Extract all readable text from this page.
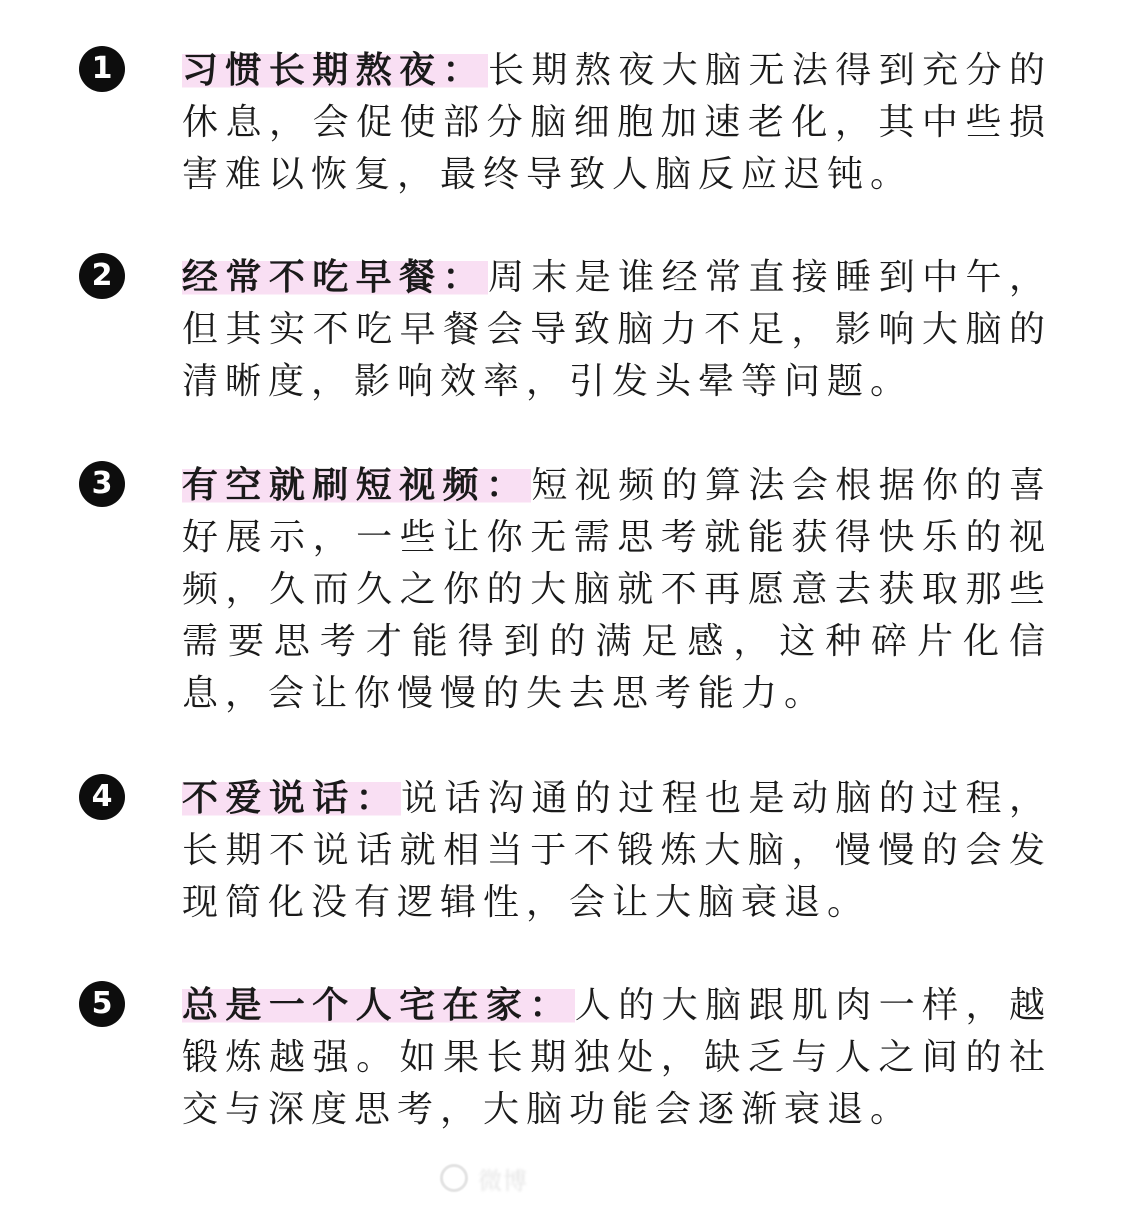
1	习惯长期熬夜：长期熬夜大脑无法得到充分的休息，会促使部分脑细胞加速老化，其中些损害难以恢复，最终导致人脑反应迟钝。
2	经常不吃早餐：周末是谁经常直接睡到中午，但其实不吃早餐会导致脑力不足，影响大脑的清晰度，影响效率，引发头晕等问题。
3	有空就刷短视频：短视频的算法会根据你的喜好展示，一些让你无需思考就能获得快乐的视频，久而久之你的大脑就不再愿意去获取那些需要思考才能得到的满足感，这种碎片化信息，会让你慢慢的失去思考能力。
4	不爱说话：说话沟通的过程也是动脑的过程，长期不说话就相当于不锻炼大脑，慢慢的会发现简化没有逻辑性，会让大脑衰退。
5	总是一个人宅在家：人的大脑跟肌肉一样，越锻炼越强。如果长期独处，缺乏与人之间的社交与深度思考，大脑功能会逐渐衰退。
微博
